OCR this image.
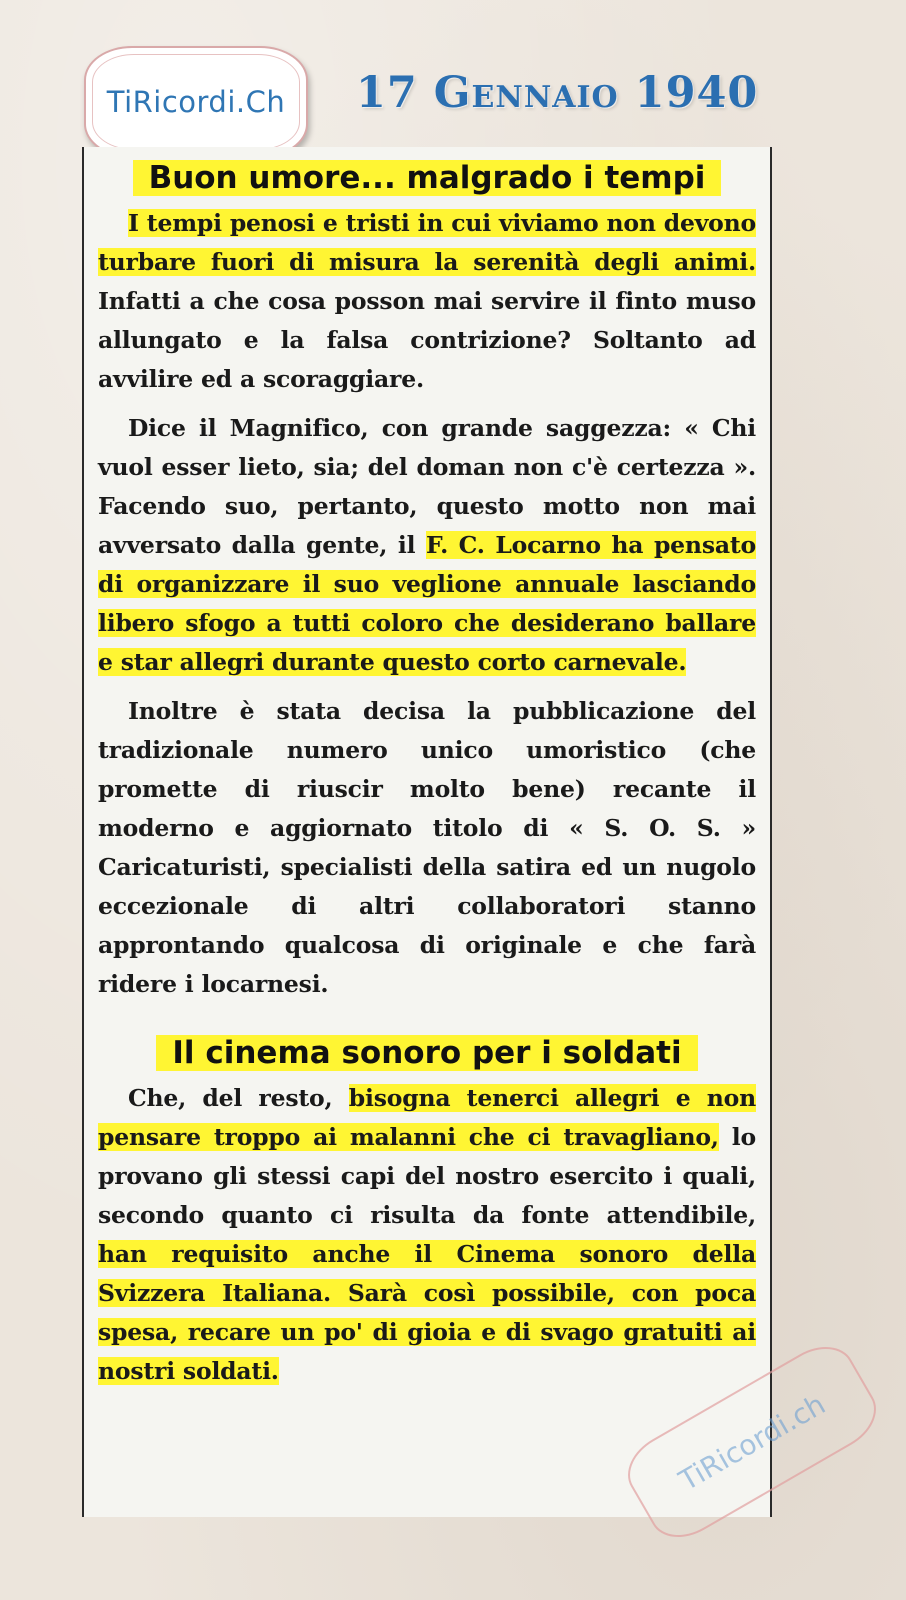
TiRicordi.Ch 17 Gennaio 1940
Buon umore... malgrado i tempi

I tempi penosi e tristi in cui viviamo non devono turbare fuori di misura la serenità degli animi. Infatti a che cosa posson mai servire il finto muso allungato e la falsa contrizione? Soltanto ad avvilire ed a scoraggiare.

Dice il Magnifico, con grande saggezza: « Chi vuol esser lieto, sia; del doman non c'è certezza ». Facendo suo, pertanto, questo motto non mai avversato dalla gente, il F. C. Locarno ha pensato di organizzare il suo veglione annuale lasciando libero sfogo a tutti coloro che desiderano ballare e star allegri durante questo corto carnevale.

Inoltre è stata decisa la pubblicazione del tradizionale numero unico umoristico (che promette di riuscir molto bene) recante il moderno e aggiornato titolo di « S. O. S. » Caricaturisti, specialisti della satira ed un nugolo eccezionale di altri collaboratori stanno approntando qualcosa di originale e che farà ridere i locarnesi.

Il cinema sonoro per i soldati

Che, del resto, bisogna tenerci allegri e non pensare troppo ai malanni che ci travagliano, lo provano gli stessi capi del nostro esercito i quali, secondo quanto ci risulta da fonte attendibile, han requisito anche il Cinema sonoro della Svizzera Italiana. Sarà così possibile, con poca spesa, recare un po' di gioia e di svago gratuiti ai nostri soldati.

TiRicordi.ch
